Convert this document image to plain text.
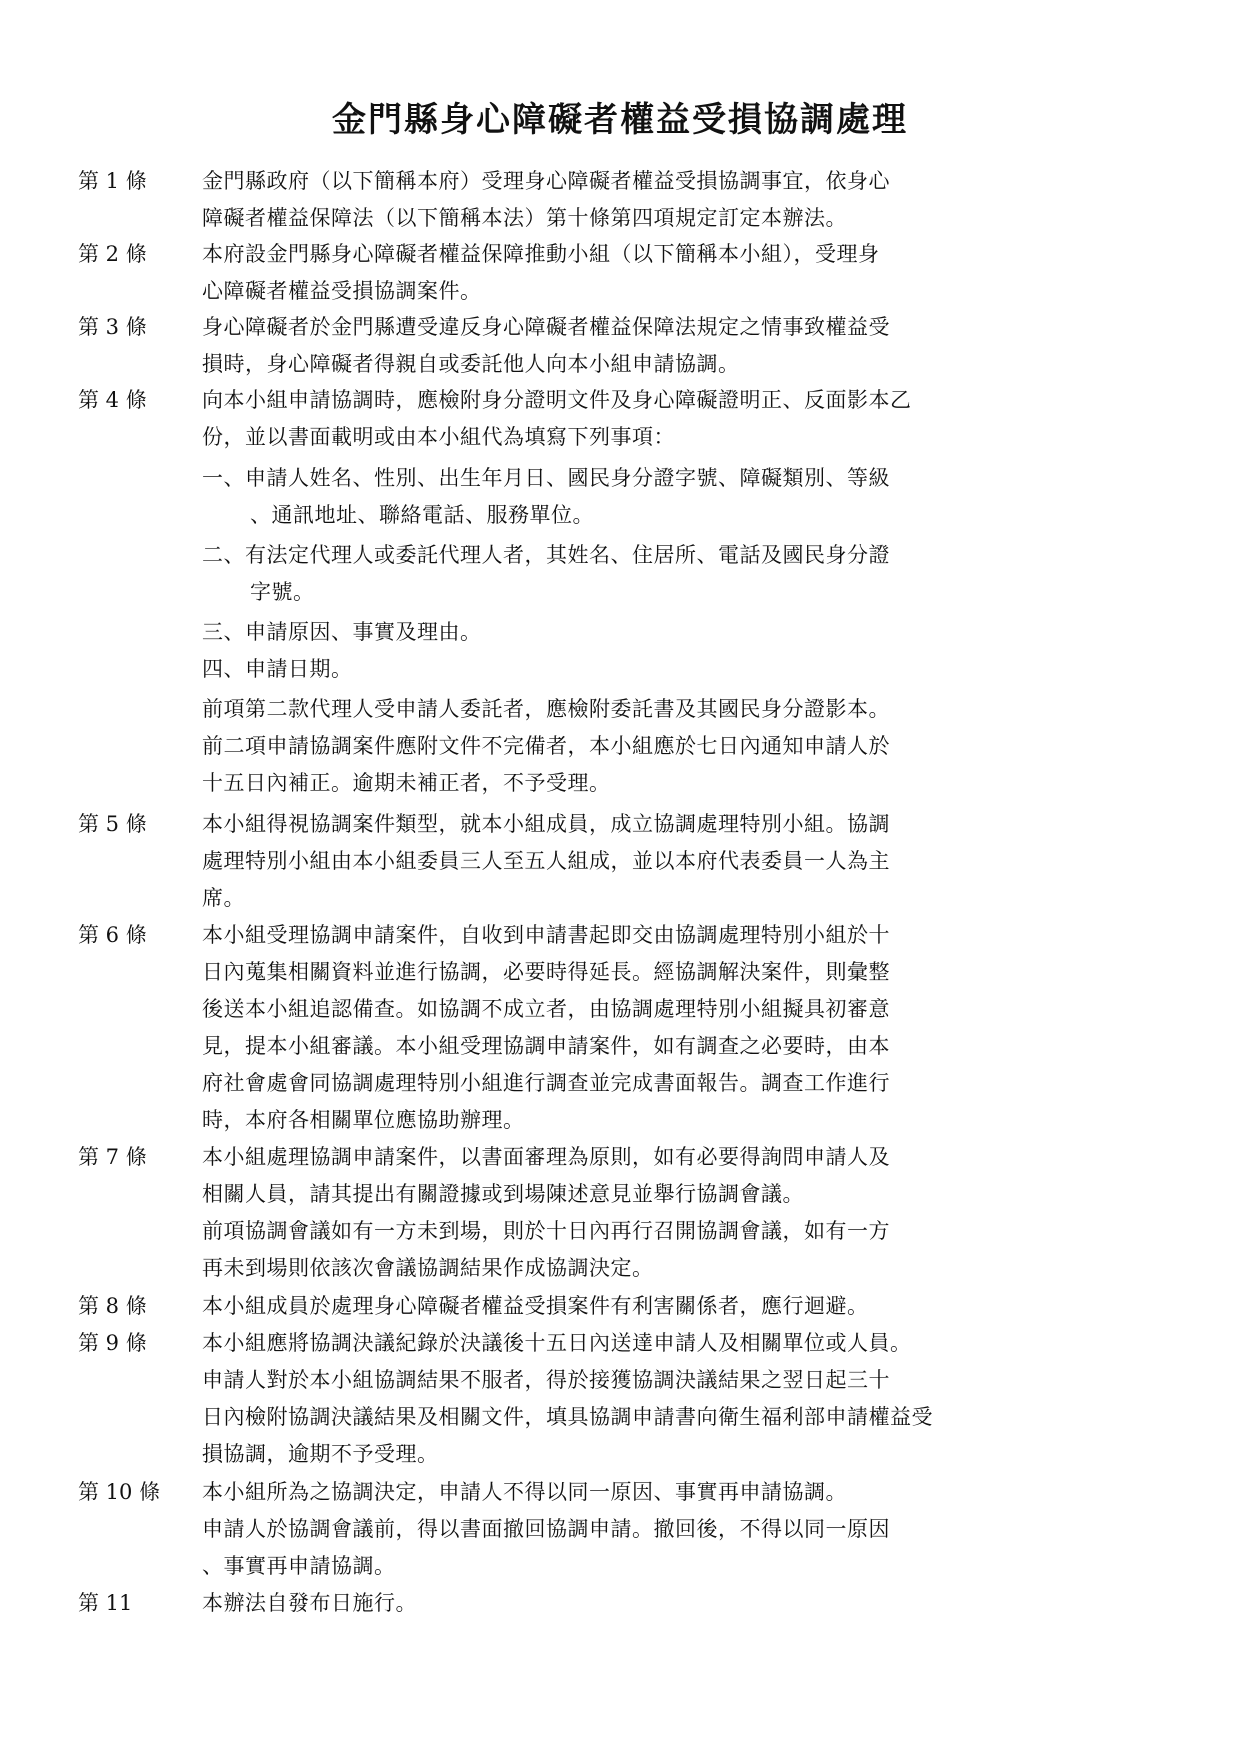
金門縣身心障礙者權益受損協調處理
第 1 條	金門縣政府（以下簡稱本府）受理身心障礙者權益受損協調事宜，依身心
障礙者權益保障法（以下簡稱本法）第十條第四項規定訂定本辦法。
第 2 條	本府設金門縣身心障礙者權益保障推動小組（以下簡稱本小組），受理身
心障礙者權益受損協調案件。
第 3 條	身心障礙者於金門縣遭受違反身心障礙者權益保障法規定之情事致權益受
損時，身心障礙者得親自或委託他人向本小組申請協調。
第 4 條	向本小組申請協調時，應檢附身分證明文件及身心障礙證明正、反面影本乙
份，並以書面載明或由本小組代為填寫下列事項：
一、申請人姓名、性別、出生年月日、國民身分證字號、障礙類別、等級
、通訊地址、聯絡電話、服務單位。
二、有法定代理人或委託代理人者，其姓名、住居所、電話及國民身分證
字號。
三、申請原因、事實及理由。
四、申請日期。
前項第二款代理人受申請人委託者，應檢附委託書及其國民身分證影本。
前二項申請協調案件應附文件不完備者，本小組應於七日內通知申請人於
十五日內補正。逾期未補正者，不予受理。
第 5 條	本小組得視協調案件類型，就本小組成員，成立協調處理特別小組。協調
處理特別小組由本小組委員三人至五人組成，並以本府代表委員一人為主
席。
第 6 條	本小組受理協調申請案件，自收到申請書起即交由協調處理特別小組於十
日內蒐集相關資料並進行協調，必要時得延長。經協調解決案件，則彙整
後送本小組追認備查。如協調不成立者，由協調處理特別小組擬具初審意
見，提本小組審議。本小組受理協調申請案件，如有調查之必要時，由本
府社會處會同協調處理特別小組進行調查並完成書面報告。調查工作進行
時，本府各相關單位應協助辦理。
第 7 條	本小組處理協調申請案件，以書面審理為原則，如有必要得詢問申請人及
相關人員，請其提出有關證據或到場陳述意見並舉行協調會議。
前項協調會議如有一方未到場，則於十日內再行召開協調會議，如有一方
再未到場則依該次會議協調結果作成協調決定。
第 8 條	本小組成員於處理身心障礙者權益受損案件有利害關係者，應行迴避。
第 9 條	本小組應將協調決議紀錄於決議後十五日內送達申請人及相關單位或人員。
申請人對於本小組協調結果不服者，得於接獲協調決議結果之翌日起三十
日內檢附協調決議結果及相關文件，填具協調申請書向衛生福利部申請權益受
損協調，逾期不予受理。
第 10 條 本小組所為之協調決定，申請人不得以同一原因、事實再申請協調。
申請人於協調會議前，得以書面撤回協調申請。撤回後，不得以同一原因
、事實再申請協調。
第 11	本辦法自發布日施行。
